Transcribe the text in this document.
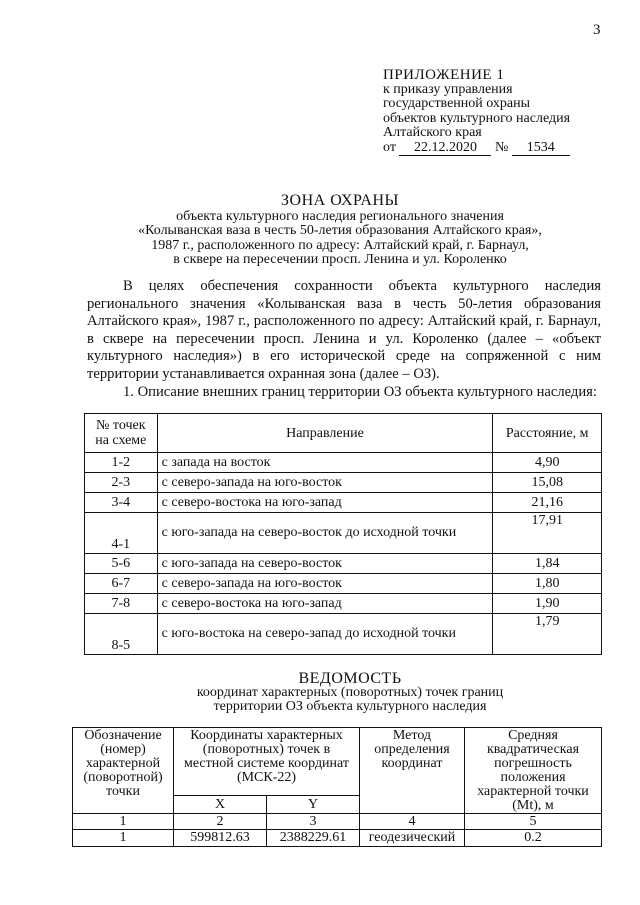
3
ПРИЛОЖЕНИЕ 1
к приказу управления
государственной охраны
объектов культурного наследия
Алтайского края
от 22.12.2020 № 1534
ЗОНА ОХРАНЫ
объекта культурного наследия регионального значения
«Колыванская ваза в честь 50-летия образования Алтайского края»,
1987 г., расположенного по адресу: Алтайский край, г. Барнаул,
в сквере на пересечении просп. Ленина и ул. Короленко

В целях обеспечения сохранности объекта культурного наследия регионального значения «Колыванская ваза в честь 50-летия образования Алтайского края», 1987 г., расположенного по адресу: Алтайский край, г. Барнаул, в сквере на пересечении просп. Ленина и ул. Короленко (далее – «объект культурного наследия») в его исторической среде на сопряженной с ним территории устанавливается охранная зона (далее – ОЗ).

1. Описание внешних границ территории ОЗ объекта культурного наследия:

№ точек на схеме	Направление	Расстояние, м
1-2	с запада на восток	4,90
2-3	с северо-запада на юго-восток	15,08
3-4	с северо-востока на юго-запад	21,16
4-1	с юго-запада на северо-восток до исходной точки	17,91
5-6	с юго-запада на северо-восток	1,84
6-7	с северо-запада на юго-восток	1,80
7-8	с северо-востока на юго-запад	1,90
8-5	с юго-востока на северо-запад до исходной точки	1,79
ВЕДОМОСТЬ
координат характерных (поворотных) точек границ
территории ОЗ объекта культурного наследия
Обозначение (номер) характерной (поворотной) точки	Координаты характерных (поворотных) точек в местной системе координат (МСК-22)		Метод определения координат	Средняя квадратическая погрешность положения характерной точки (Mt), м
	X	Y		
1	2	3	4	5
1	599812.63	2388229.61	геодезический	0.2
